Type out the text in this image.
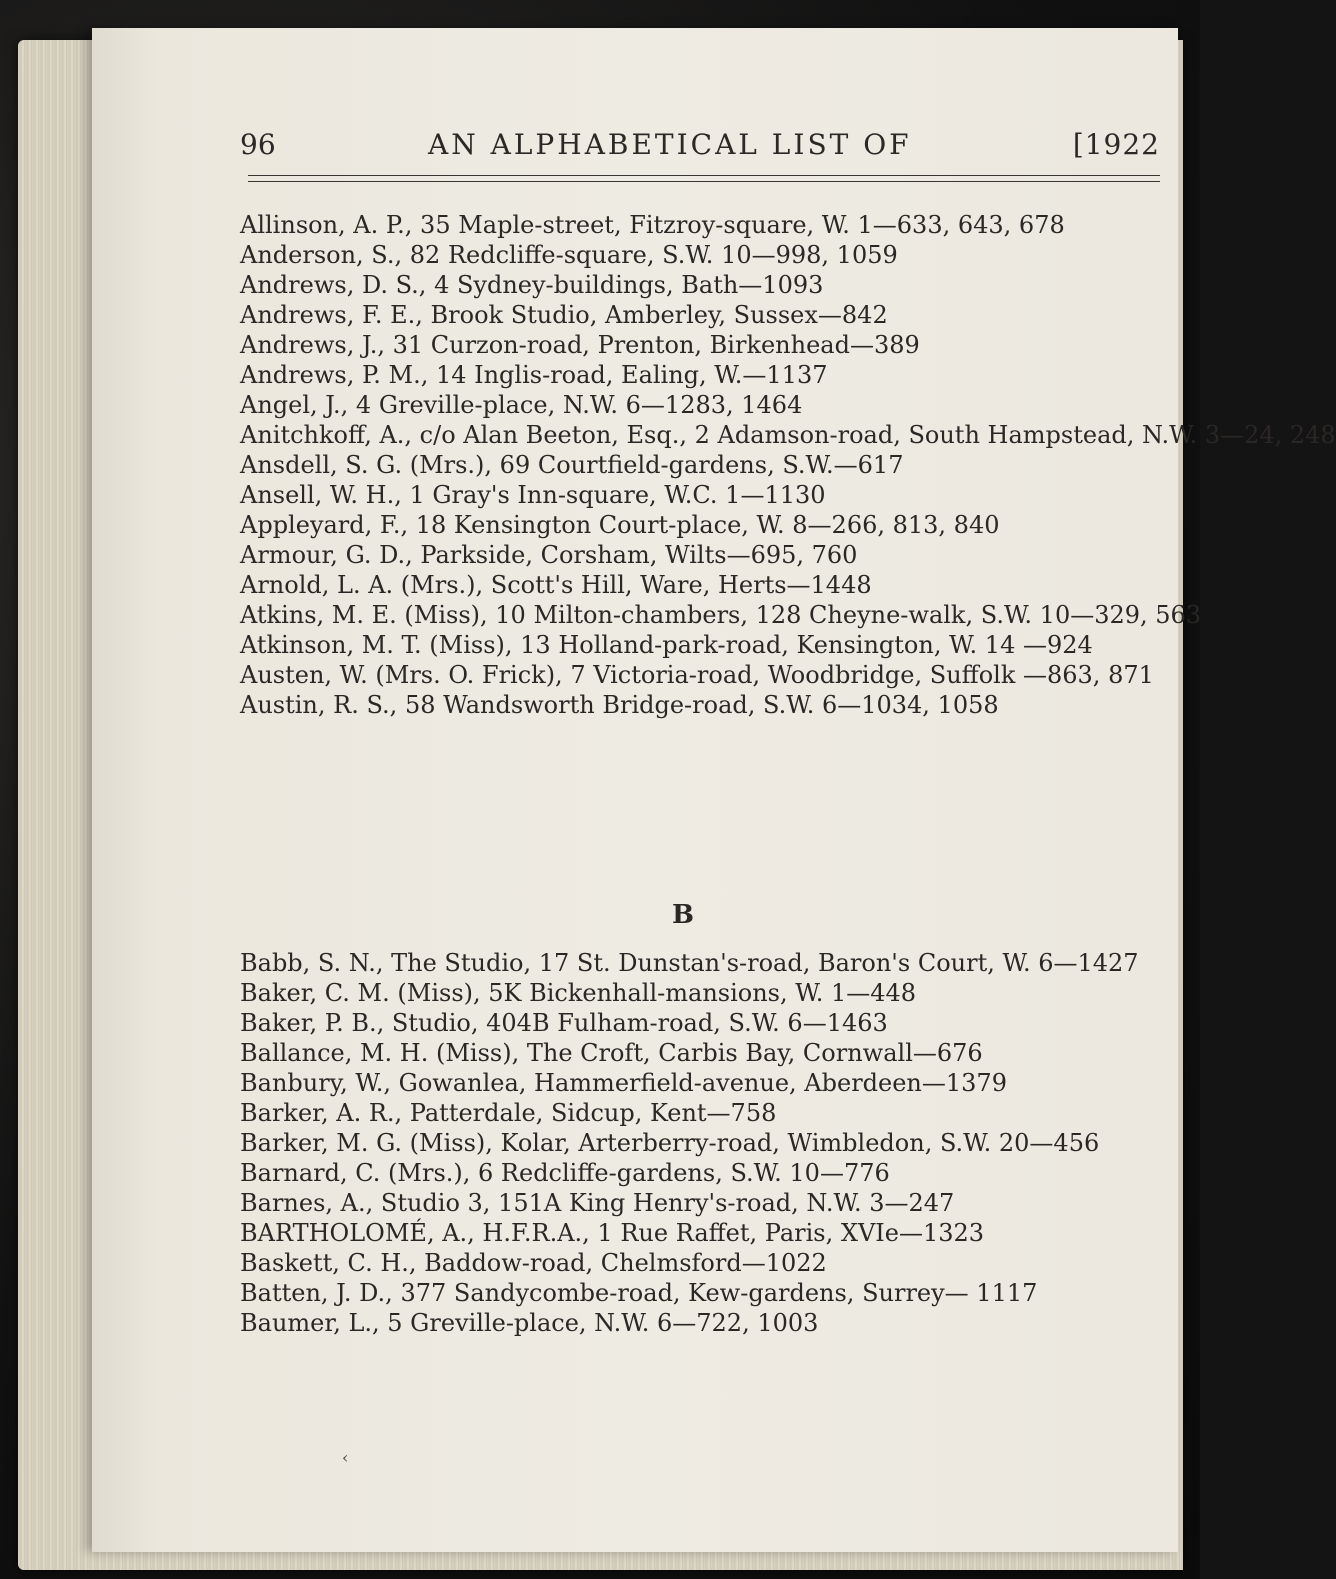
96	AN ALPHABETICAL LIST OF	[1922
Allinson, A. P., 35 Maple-street, Fitzroy-square, W. 1—633, 643, 678
Anderson, S., 82 Redcliffe-square, S.W. 10—998, 1059
Andrews, D. S., 4 Sydney-buildings, Bath—1093
Andrews, F. E., Brook Studio, Amberley, Sussex—842
Andrews, J., 31 Curzon-road, Prenton, Birkenhead—389
Andrews, P. M., 14 Inglis-road, Ealing, W.—1137
Angel, J., 4 Greville-place, N.W. 6—1283, 1464
Anitchkoff, A., c/o Alan Beeton, Esq., 2 Adamson-road, South Hampstead, N.W. 3—24, 248
Ansdell, S. G. (Mrs.), 69 Courtfield-gardens, S.W.—617
Ansell, W. H., 1 Gray's Inn-square, W.C. 1—1130
Appleyard, F., 18 Kensington Court-place, W. 8—266, 813, 840
Armour, G. D., Parkside, Corsham, Wilts—695, 760
Arnold, L. A. (Mrs.), Scott's Hill, Ware, Herts—1448
Atkins, M. E. (Miss), 10 Milton-chambers, 128 Cheyne-walk, S.W. 10—329, 563
Atkinson, M. T. (Miss), 13 Holland-park-road, Kensington, W. 14 —924
Austen, W. (Mrs. O. Frick), 7 Victoria-road, Woodbridge, Suffolk —863, 871
Austin, R. S., 58 Wandsworth Bridge-road, S.W. 6—1034, 1058
B
Babb, S. N., The Studio, 17 St. Dunstan's-road, Baron's Court, W. 6—1427
Baker, C. M. (Miss), 5K Bickenhall-mansions, W. 1—448
Baker, P. B., Studio, 404B Fulham-road, S.W. 6—1463
Ballance, M. H. (Miss), The Croft, Carbis Bay, Cornwall—676
Banbury, W., Gowanlea, Hammerfield-avenue, Aberdeen—1379
Barker, A. R., Patterdale, Sidcup, Kent—758
Barker, M. G. (Miss), Kolar, Arterberry-road, Wimbledon, S.W. 20—456
Barnard, C. (Mrs.), 6 Redcliffe-gardens, S.W. 10—776
Barnes, A., Studio 3, 151A King Henry's-road, N.W. 3—247
BARTHOLOMÉ, A., H.F.R.A., 1 Rue Raffet, Paris, XVIe—1323
Baskett, C. H., Baddow-road, Chelmsford—1022
Batten, J. D., 377 Sandycombe-road, Kew-gardens, Surrey— 1117
Baumer, L., 5 Greville-place, N.W. 6—722, 1003
‹
